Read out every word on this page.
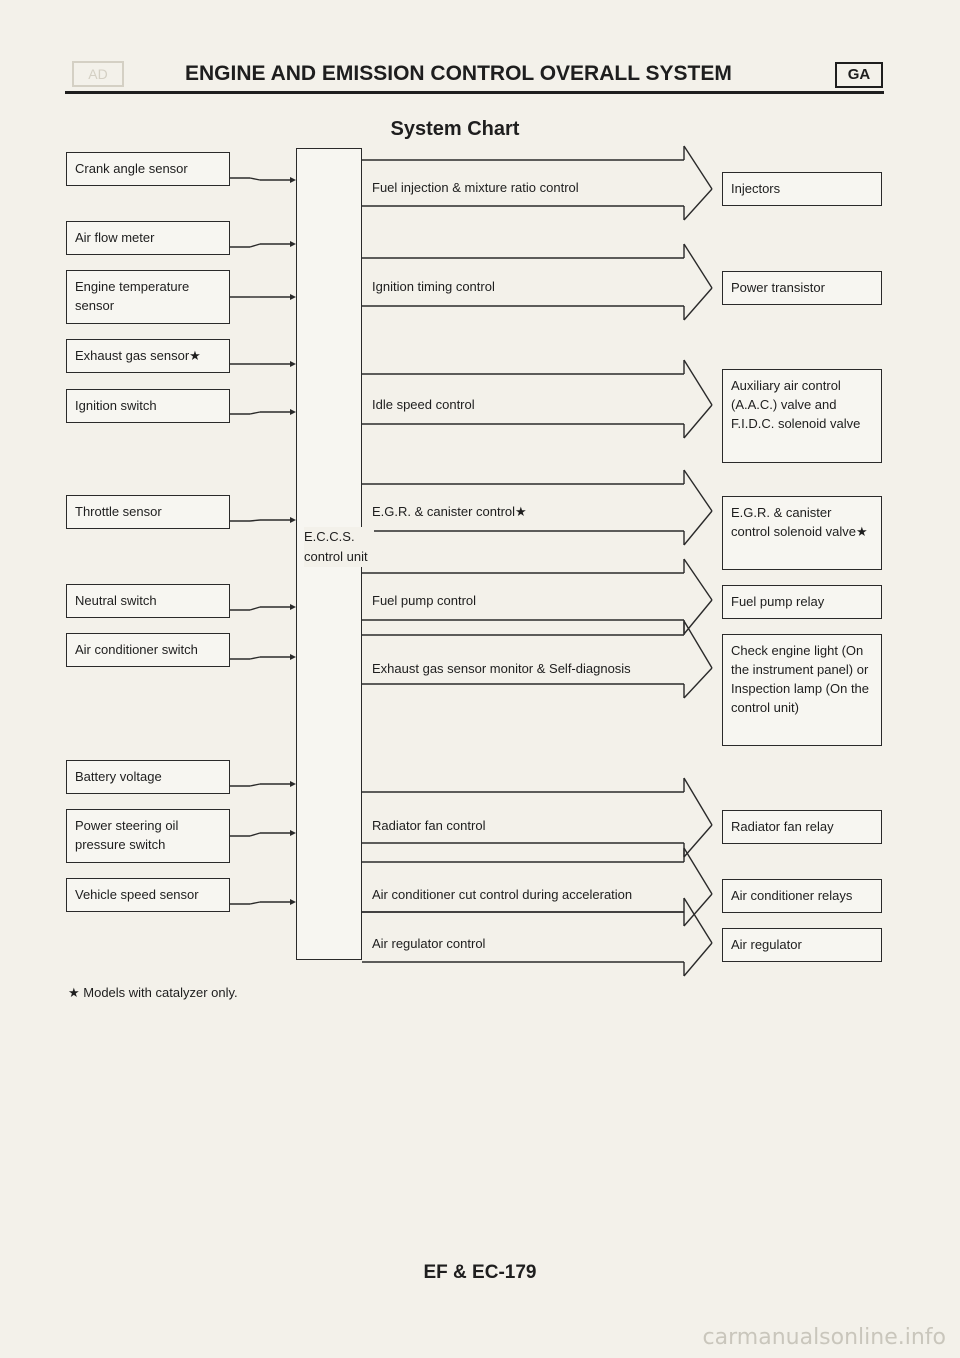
AD	ENGINE AND EMISSION CONTROL OVERALL SYSTEM	GA
System Chart
E.C.C.S. control unit
Crank angle sensor
Air flow meter
Engine temperature sensor
Exhaust gas sensor★
Ignition switch
Throttle sensor
Neutral switch
Air conditioner switch
Battery voltage
Power steering oil pressure switch
Vehicle speed sensor
Fuel injection & mixture ratio control
Ignition timing control
Idle speed control
E.G.R. & canister control★
Fuel pump control
Exhaust gas sensor monitor & Self-diagnosis
Radiator fan control
Air conditioner cut control during acceleration
Air regulator control
Injectors
Power transistor
Auxiliary air control (A.A.C.) valve and F.I.D.C. solenoid valve
E.G.R. & canister control solenoid valve★
Fuel pump relay
Check engine light (On the instrument panel) or Inspection lamp (On the control unit)
Radiator fan relay
Air conditioner relays
Air regulator
★ Models with catalyzer only.
EF & EC-179
carmanualsonline.info
